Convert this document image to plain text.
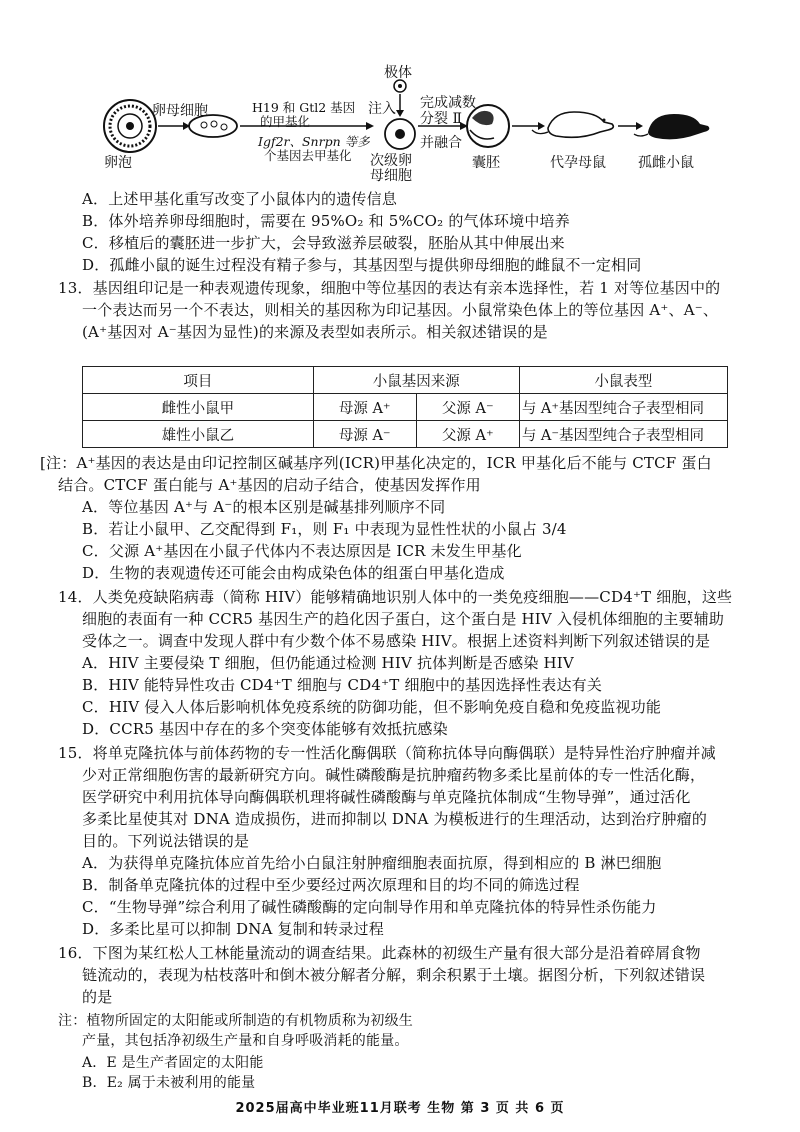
卵母细胞
卵泡
H19 和 Gtl2 基因
的甲基化
Igf2r、Snrpn 等多
个基因去甲基化
极体
注入
次级卵
母细胞
完成减数
分裂 Ⅱ
并融合
囊胚	代孕母鼠 孤雌小鼠
A．上述甲基化重写改变了小鼠体内的遗传信息
B．体外培养卵母细胞时，需要在 95%O₂ 和 5%CO₂ 的气体环境中培养
C．移植后的囊胚进一步扩大，会导致滋养层破裂，胚胎从其中伸展出来
D．孤雌小鼠的诞生过程没有精子参与，其基因型与提供卵母细胞的雌鼠不一定相同
13．基因组印记是一种表观遗传现象，细胞中等位基因的表达有亲本选择性，若 1 对等位基因中的
一个表达而另一个不表达，则相关的基因称为印记基因。小鼠常染色体上的等位基因 A⁺、A⁻、
(A⁺基因对 A⁻基因为显性)的来源及表型如表所示。相关叙述错误的是
项目	小鼠基因来源		小鼠表型
雌性小鼠甲	母源 A⁺	父源 A⁻	与 A⁺基因型纯合子表型相同
雄性小鼠乙	母源 A⁻	父源 A⁺	与 A⁻基因型纯合子表型相同
[注：A⁺基因的表达是由印记控制区碱基序列(ICR)甲基化决定的，ICR 甲基化后不能与 CTCF 蛋白
结合。CTCF 蛋白能与 A⁺基因的启动子结合，使基因发挥作用
A．等位基因 A⁺与 A⁻的根本区别是碱基排列顺序不同
B．若让小鼠甲、乙交配得到 F₁，则 F₁ 中表现为显性性状的小鼠占 3/4
C．父源 A⁺基因在小鼠子代体内不表达原因是 ICR 未发生甲基化
D．生物的表观遗传还可能会由构成染色体的组蛋白甲基化造成
14．人类免疫缺陷病毒（简称 HIV）能够精确地识别人体中的一类免疫细胞——CD4⁺T 细胞，这些
细胞的表面有一种 CCR5 基因生产的趋化因子蛋白，这个蛋白是 HIV 入侵机体细胞的主要辅助
受体之一。调查中发现人群中有少数个体不易感染 HIV。根据上述资料判断下列叙述错误的是
A．HIV 主要侵染 T 细胞，但仍能通过检测 HIV 抗体判断是否感染 HIV
B．HIV 能特异性攻击 CD4⁺T 细胞与 CD4⁺T 细胞中的基因选择性表达有关
C．HIV 侵入人体后影响机体免疫系统的防御功能，但不影响免疫自稳和免疫监视功能
D．CCR5 基因中存在的多个突变体能够有效抵抗感染
15．将单克隆抗体与前体药物的专一性活化酶偶联（简称抗体导向酶偶联）是特异性治疗肿瘤并减
少对正常细胞伤害的最新研究方向。碱性磷酸酶是抗肿瘤药物多柔比星前体的专一性活化酶，
医学研究中利用抗体导向酶偶联机理将碱性磷酸酶与单克隆抗体制成“生物导弹”，通过活化
多柔比星使其对 DNA 造成损伤，进而抑制以 DNA 为模板进行的生理活动，达到治疗肿瘤的
目的。下列说法错误的是
A．为获得单克隆抗体应首先给小白鼠注射肿瘤细胞表面抗原，得到相应的 B 淋巴细胞
B．制备单克隆抗体的过程中至少要经过两次原理和目的均不同的筛选过程
C．“生物导弹”综合利用了碱性磷酸酶的定向制导作用和单克隆抗体的特异性杀伤能力
D．多柔比星可以抑制 DNA 复制和转录过程
16．下图为某红松人工林能量流动的调查结果。此森林的初级生产量有很大部分是沿着碎屑食物
链流动的，表现为枯枝落叶和倒木被分解者分解，剩余积累于土壤。据图分析，下列叙述错误
的是
注：植物所固定的太阳能或所制造的有机物质称为初级生
产量，其包括净初级生产量和自身呼吸消耗的能量。
A．E 是生产者固定的太阳能
B．E₂ 属于未被利用的能量
2025届高中毕业班11月联考 生物 第 3 页 共 6 页
